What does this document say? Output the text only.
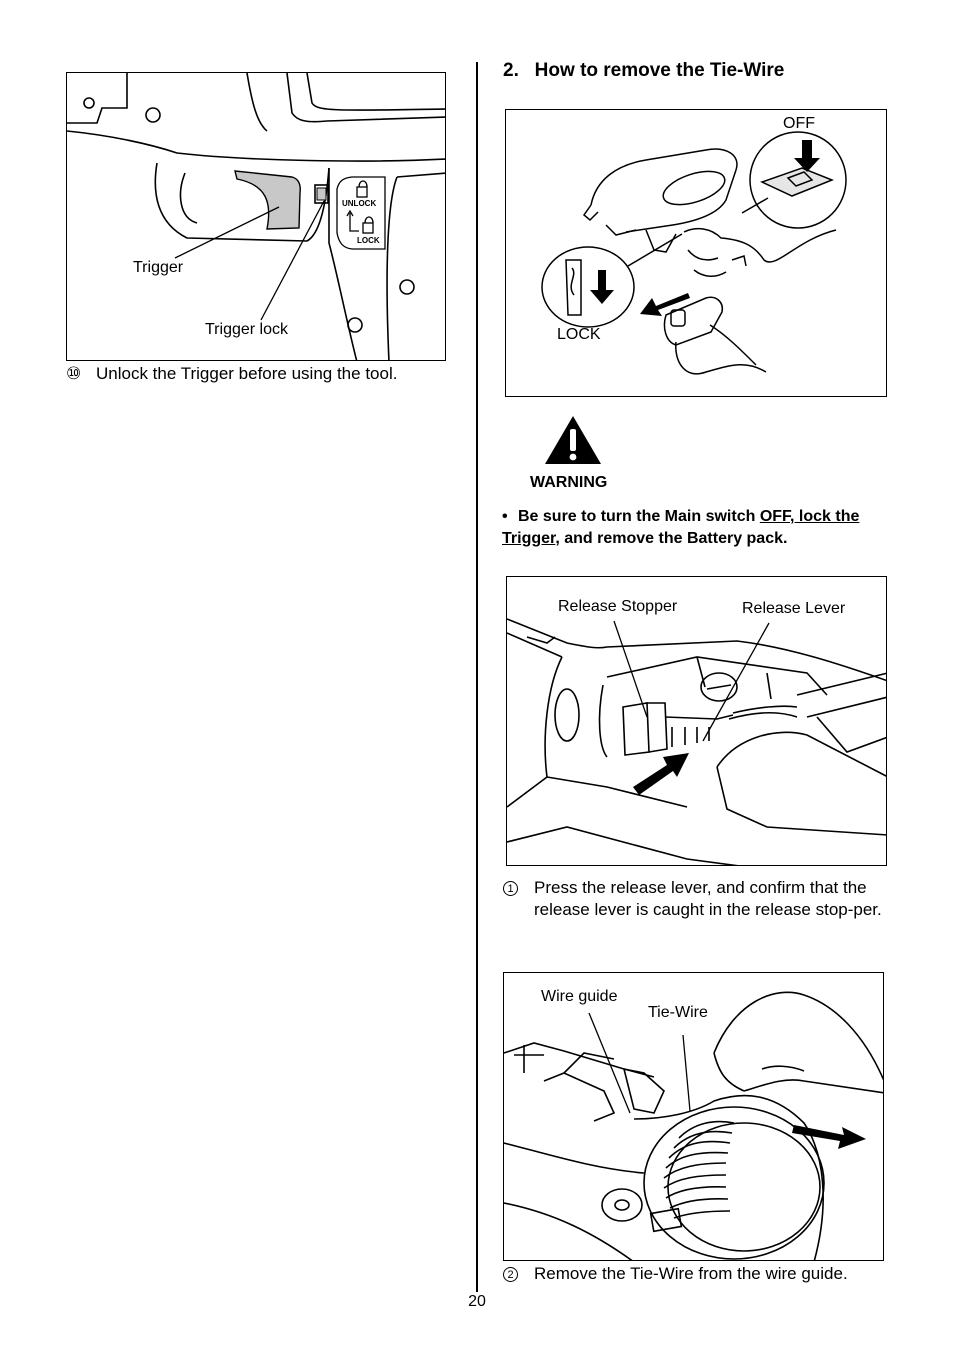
Trigger
Trigger lock
UNLOCK
LOCK
⑩ Unlock the Trigger before using the tool.
2.   How to remove the Tie-Wire
OFF
LOCK
WARNING
• Be sure to turn the Main switch OFF, lock the Trigger, and remove the Battery pack.
Release Stopper	Release Lever
1 Press the release lever, and confirm that the release lever is caught in the release stop-per.
Wire guide
Tie-Wire
2 Remove the Tie-Wire from the wire guide.
20
